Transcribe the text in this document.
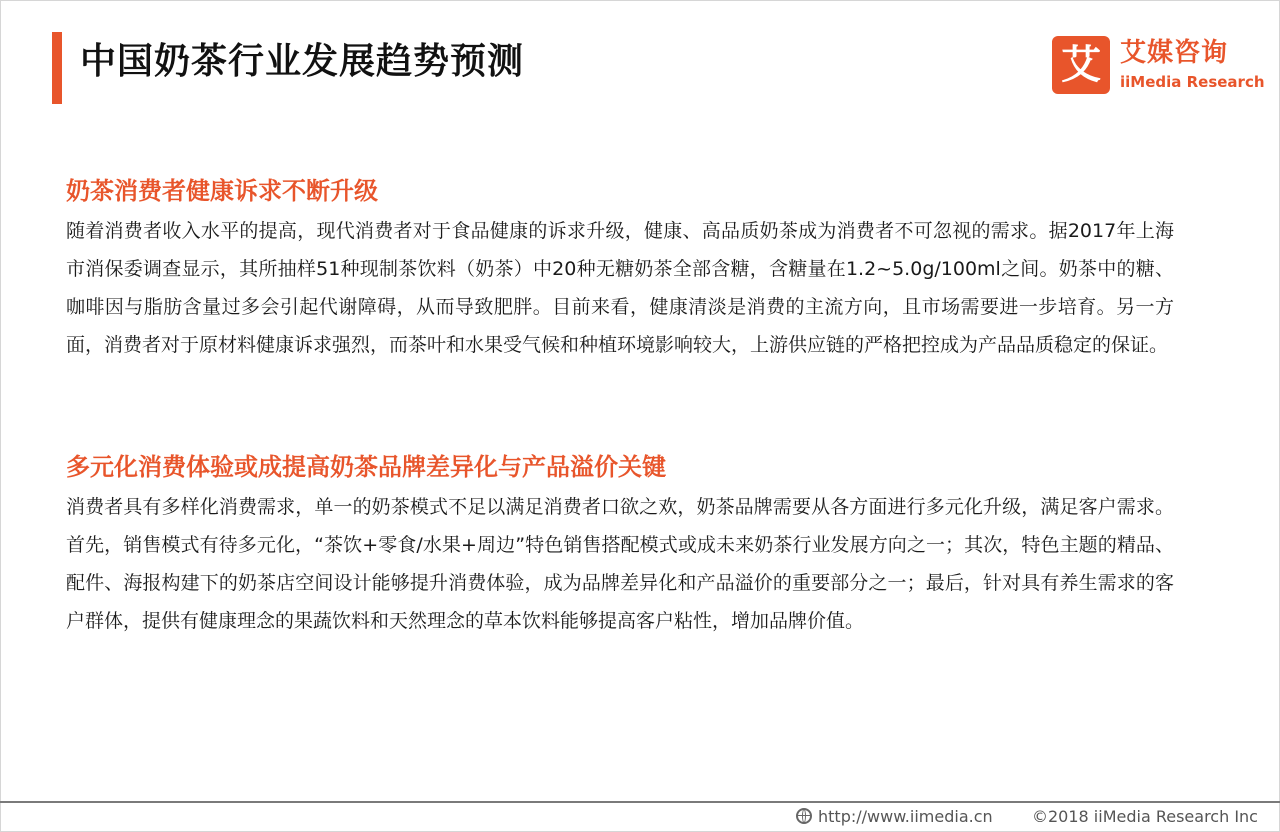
中国奶茶行业发展趋势预测	艾 艾媒咨询
iiMedia Research
奶茶消费者健康诉求不断升级
随着消费者收入水平的提高，现代消费者对于食品健康的诉求升级，健康、高品质奶茶成为消费者不可忽视的需求。据2017年上海市消保委调查显示，其所抽样51种现制茶饮料（奶茶）中20种无糖奶茶全部含糖，含糖量在1.2~5.0g/100ml之间。奶茶中的糖、咖啡因与脂肪含量过多会引起代谢障碍，从而导致肥胖。目前来看，健康清淡是消费的主流方向，且市场需要进一步培育。另一方面，消费者对于原材料健康诉求强烈，而茶叶和水果受气候和种植环境影响较大，上游供应链的严格把控成为产品品质稳定的保证。
多元化消费体验或成提高奶茶品牌差异化与产品溢价关键
消费者具有多样化消费需求，单一的奶茶模式不足以满足消费者口欲之欢，奶茶品牌需要从各方面进行多元化升级，满足客户需求。首先，销售模式有待多元化，“茶饮+零食/水果+周边”特色销售搭配模式或成未来奶茶行业发展方向之一；其次，特色主题的精品、配件、海报构建下的奶茶店空间设计能够提升消费体验，成为品牌差异化和产品溢价的重要部分之一；最后，针对具有养生需求的客户群体，提供有健康理念的果蔬饮料和天然理念的草本饮料能够提高客户粘性，增加品牌价值。
http://www.iimedia.cn ©2018 iiMedia Research Inc
